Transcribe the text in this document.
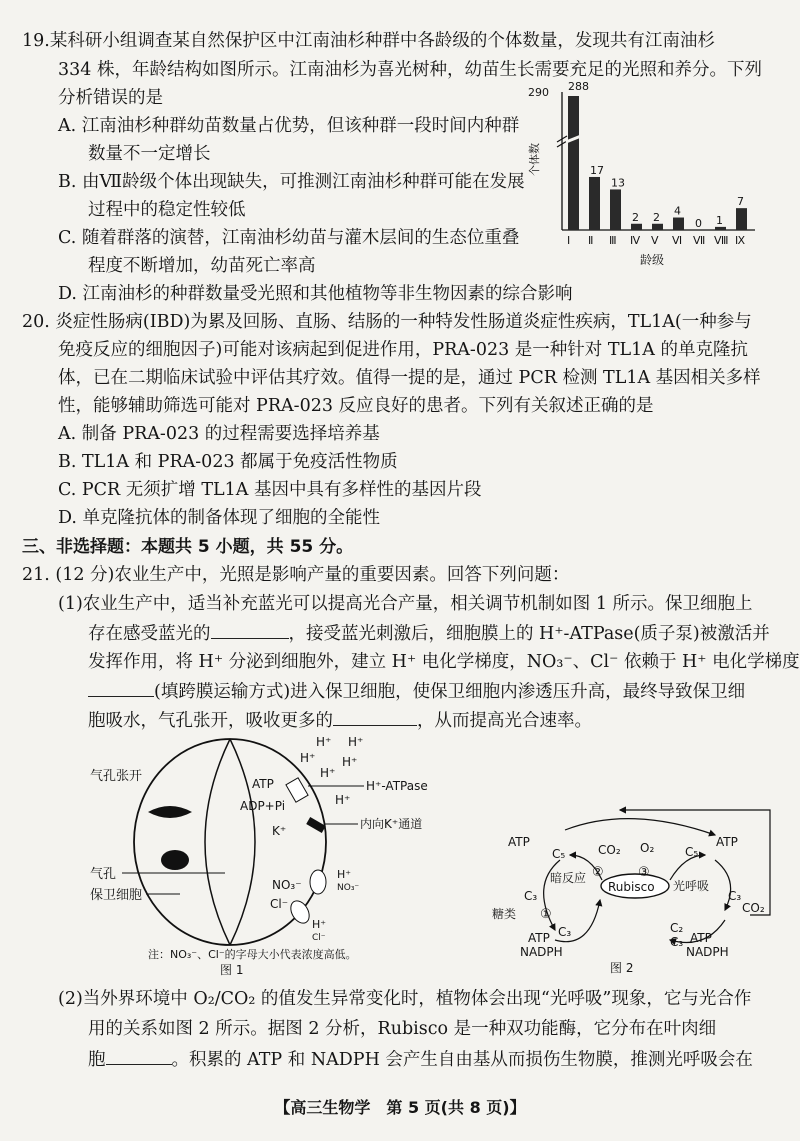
19.某科研小组调查某自然保护区中江南油杉种群中各龄级的个体数量，发现共有江南油杉
334 株，年龄结构如图所示。江南油杉为喜光树种，幼苗生长需要充足的光照和养分。下列
分析错误的是
A. 江南油杉种群幼苗数量占优势，但该种群一段时间内种群
数量不一定增长
B. 由Ⅶ龄级个体出现缺失，可推测江南油杉种群可能在发展
过程中的稳定性较低
C. 随着群落的演替，江南油杉幼苗与灌木层间的生态位重叠
程度不断增加，幼苗死亡率高
D. 江南油杉的种群数量受光照和其他植物等非生物因素的综合影响
290
个体数
龄级
288
Ⅰ
17
Ⅱ
13
Ⅲ
2
Ⅳ
2
Ⅴ
4
Ⅵ
0
Ⅶ
1
Ⅷ
7
Ⅸ
20. 炎症性肠病(IBD)为累及回肠、直肠、结肠的一种特发性肠道炎症性疾病，TL1A(一种参与
免疫反应的细胞因子)可能对该病起到促进作用，PRA-023 是一种针对 TL1A 的单克隆抗
体，已在二期临床试验中评估其疗效。值得一提的是，通过 PCR 检测 TL1A 基因相关多样
性，能够辅助筛选可能对 PRA-023 反应良好的患者。下列有关叙述正确的是
A. 制备 PRA-023 的过程需要选择培养基
B. TL1A 和 PRA-023 都属于免疫活性物质
C. PCR 无须扩增 TL1A 基因中具有多样性的基因片段
D. 单克隆抗体的制备体现了细胞的全能性
三、非选择题：本题共 5 小题，共 55 分。
21. (12 分)农业生产中，光照是影响产量的重要因素。回答下列问题：
(1)农业生产中，适当补充蓝光可以提高光合产量，相关调节机制如图 1 所示。保卫细胞上
存在感受蓝光的	，接受蓝光刺激后，细胞膜上的 H⁺-ATPase(质子泵)被激活并
发挥作用，将 H⁺ 分泌到细胞外，建立 H⁺ 电化学梯度，NO₃⁻、Cl⁻ 依赖于 H⁺ 电化学梯度
(填跨膜运输方式)进入保卫细胞，使保卫细胞内渗透压升高，最终导致保卫细
胞吸水，气孔张开，吸收更多的	，从而提高光合速率。
气孔张开
气孔
保卫细胞
ATP
ADP+Pi
H⁺-ATPase
H⁺ H⁺
H⁺ H⁺
H⁺
H⁺
内向K⁺通道
K⁺
NO₃⁻
H⁺
NO₃⁻
Cl⁻
H⁺
Cl⁻
注：NO₃⁻、Cl⁻的字母大小代表浓度高低。
图 1
Rubisco
ATP
C₅	CO₂ O₂	C₅
ATP
暗反应 ②	③
光呼吸
C₃	C₃
CO₂
糖类 ①
C₃	C₂
C₃
ATP
NADPH
ATP
NADPH
图 2
(2)当外界环境中 O₂/CO₂ 的值发生异常变化时，植物体会出现“光呼吸”现象，它与光合作
用的关系如图 2 所示。据图 2 分析，Rubisco 是一种双功能酶，它分布在叶肉细
胞	。积累的 ATP 和 NADPH 会产生自由基从而损伤生物膜，推测光呼吸会在
【高三生物学　第 5 页(共 8 页)】
